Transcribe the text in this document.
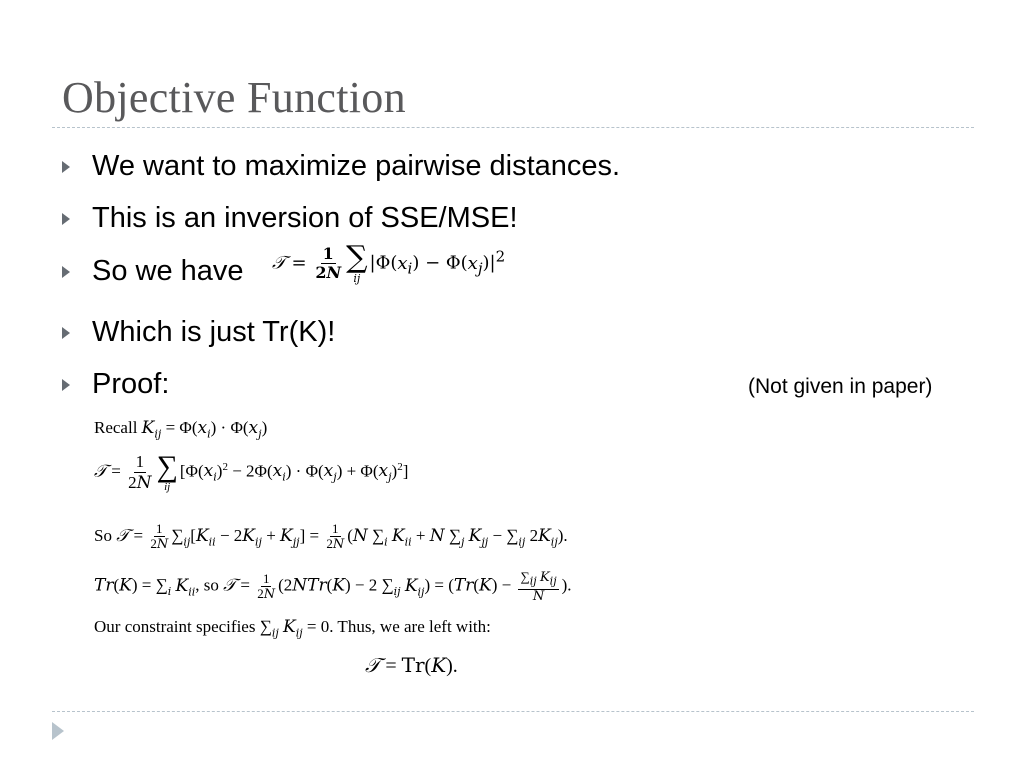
Objective Function
We want to maximize pairwise distances.
This is an inversion of SSE/MSE!
So we have
Which is just Tr(K)!
Proof:
𝒯 = $\frac{1}{2N}$ ∑
ij
$|\Phi(x_i) - \Phi(x_j)|^2$
(Not given in paper)
Recall $K_{ij} = \Phi(x_i) \cdot \Phi(x_j)$
𝒯 = $\frac{1}{2N}$ ∑
ij
$[\Phi(x_i)^2 - 2\Phi(x_i) \cdot \Phi(x_j) + \Phi(x_j)^2]$
So 𝒯 = $\frac{1}{2N} \sum_{ij}[K_{ii} - 2K_{ij} + K_{jj}] = \frac{1}{2N} (N$ $\sum_i$ $K_{ii} + N$ $\sum_j$ $K_{jj} - \sum_{ij}$ $2K_{ij}$).
$Tr(K) = \sum_i$ $K_{ii}$, so 𝒯 = $\frac{1}{2N} (2NTr(K) - 2$ $\sum_{ij}$ $K_{ij}) = (Tr(K) - \frac{\sum_{ij} K_{ij}}{N}$ ).
Our constraint specifies $\sum_{ij}$ $K_{ij} = 0$. Thus, we are left with:
𝒯 = Tr(K).
